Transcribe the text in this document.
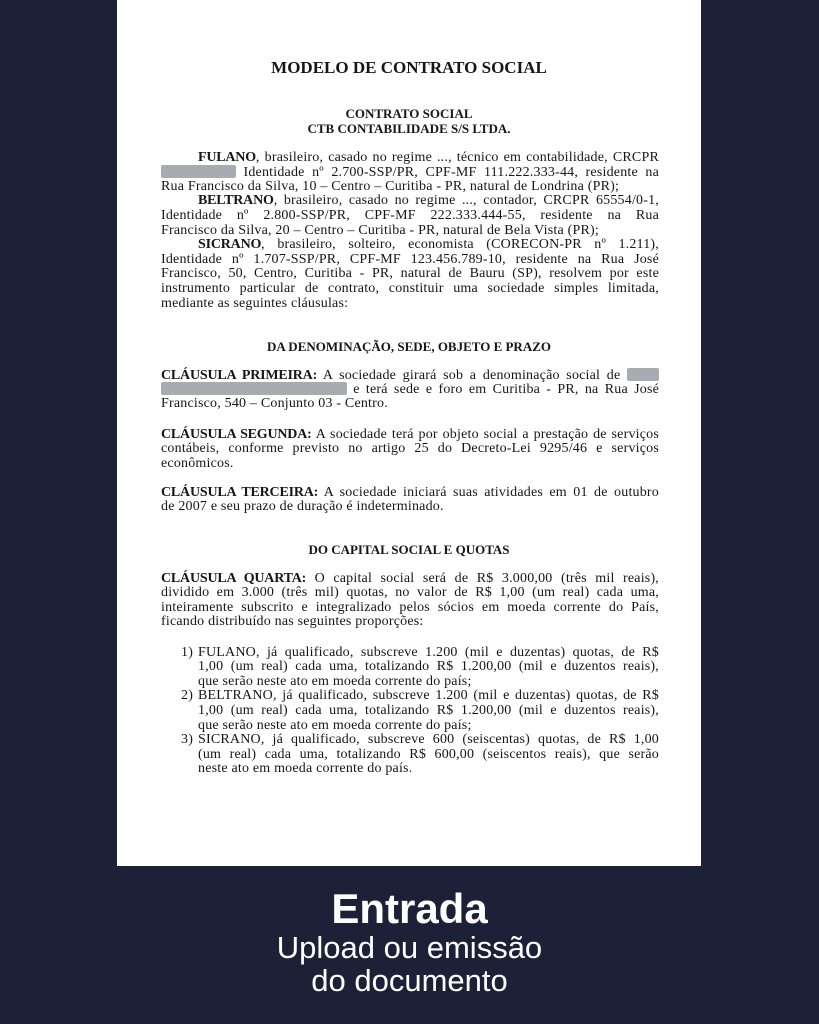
MODELO DE CONTRATO SOCIAL
CONTRATO SOCIAL
CTB CONTABILIDADE S/S LTDA.
FULANO, brasileiro, casado no regime ..., técnico em contabilidade, CRCPR
Identidade nº 2.700-SSP/PR, CPF-MF 111.222.333-44, residente na
Rua Francisco da Silva, 10 – Centro – Curitiba - PR, natural de Londrina (PR);
BELTRANO, brasileiro, casado no regime ..., contador, CRCPR 65554/0-1,
Identidade nº 2.800-SSP/PR, CPF-MF 222.333.444-55, residente na Rua
Francisco da Silva, 20 – Centro – Curitiba - PR, natural de Bela Vista (PR);
SICRANO, brasileiro, solteiro, economista (CORECON-PR nº 1.211),
Identidade nº 1.707-SSP/PR, CPF-MF 123.456.789-10, residente na Rua José
Francisco, 50, Centro, Curitiba - PR, natural de Bauru (SP), resolvem por este
instrumento particular de contrato, constituir uma sociedade simples limitada,
mediante as seguintes cláusulas:
DA DENOMINAÇÃO, SEDE, OBJETO E PRAZO
CLÁUSULA PRIMEIRA: A sociedade girará sob a denominação social de
e terá sede e foro em Curitiba - PR, na Rua José
Francisco, 540 – Conjunto 03 - Centro.
CLÁUSULA SEGUNDA: A sociedade terá por objeto social a prestação de serviços
contábeis, conforme previsto no artigo 25 do Decreto-Lei 9295/46 e serviços
econômicos.
CLÁUSULA TERCEIRA: A sociedade iniciará suas atividades em 01 de outubro
de 2007 e seu prazo de duração é indeterminado.
DO CAPITAL SOCIAL E QUOTAS
CLÁUSULA QUARTA: O capital social será de R$ 3.000,00 (três mil reais),
dividido em 3.000 (três mil) quotas, no valor de R$ 1,00 (um real) cada uma,
inteiramente subscrito e integralizado pelos sócios em moeda corrente do País,
ficando distribuído nas seguintes proporções:
1) FULANO, já qualificado, subscreve 1.200 (mil e duzentas) quotas, de R$
1,00 (um real) cada uma, totalizando R$ 1.200,00 (mil e duzentos reais),
que serão neste ato em moeda corrente do país;
2) BELTRANO, já qualificado, subscreve 1.200 (mil e duzentas) quotas, de R$
1,00 (um real) cada uma, totalizando R$ 1.200,00 (mil e duzentos reais),
que serão neste ato em moeda corrente do país;
3) SICRANO, já qualificado, subscreve 600 (seiscentas) quotas, de R$ 1,00
(um real) cada uma, totalizando R$ 600,00 (seiscentos reais), que serão
neste ato em moeda corrente do país.
Entrada
Upload ou emissão
do documento
